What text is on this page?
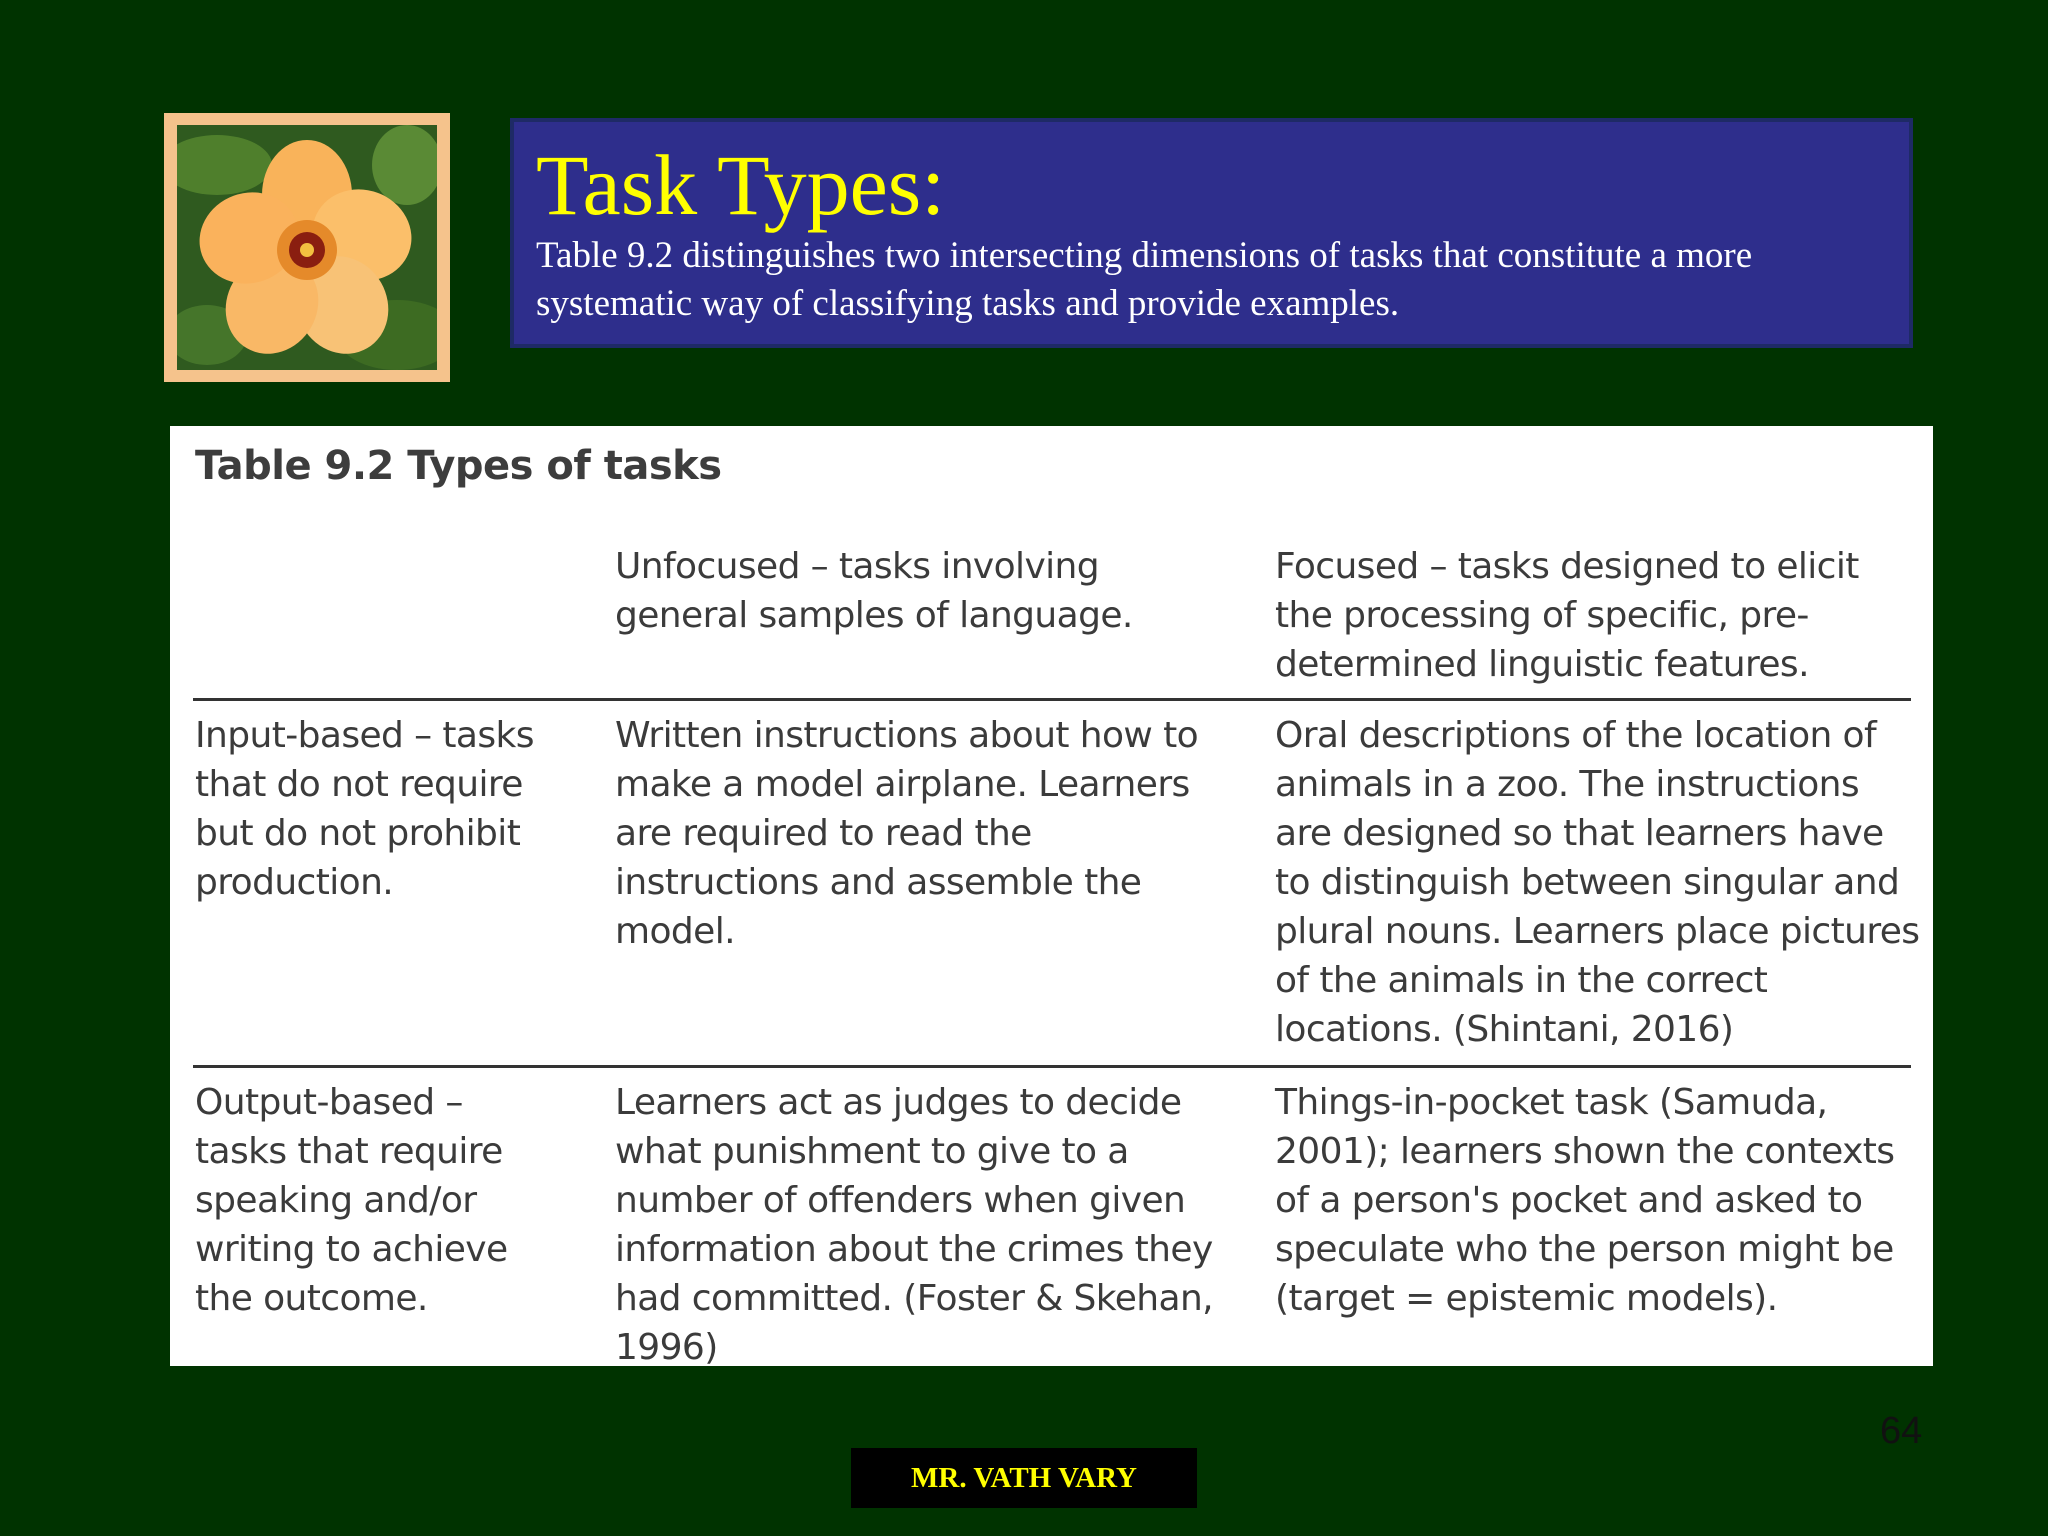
Task Types:

Table 9.2 distinguishes two intersecting dimensions of tasks that constitute a more systematic way of classifying tasks and provide examples.

Table 9.2 Types of tasks
Unfocused – tasks involving general samples of language.
Focused – tasks designed to elicit the processing of specific, pre-determined linguistic features.
Input-based – tasks that do not require but do not prohibit production.
Written instructions about how to make a model airplane. Learners are required to read the instructions and assemble the model.
Oral descriptions of the location of animals in a zoo. The instructions are designed so that learners have to distinguish between singular and plural nouns. Learners place pictures of the animals in the correct locations. (Shintani, 2016)
Output-based – tasks that require speaking and/or writing to achieve the outcome.
Learners act as judges to decide what punishment to give to a number of offenders when given information about the crimes they had committed. (Foster & Skehan, 1996)
Things-in-pocket task (Samuda, 2001); learners shown the contexts of a person's pocket and asked to speculate who the person might be (target = epistemic models).
64
MR. VATH VARY
